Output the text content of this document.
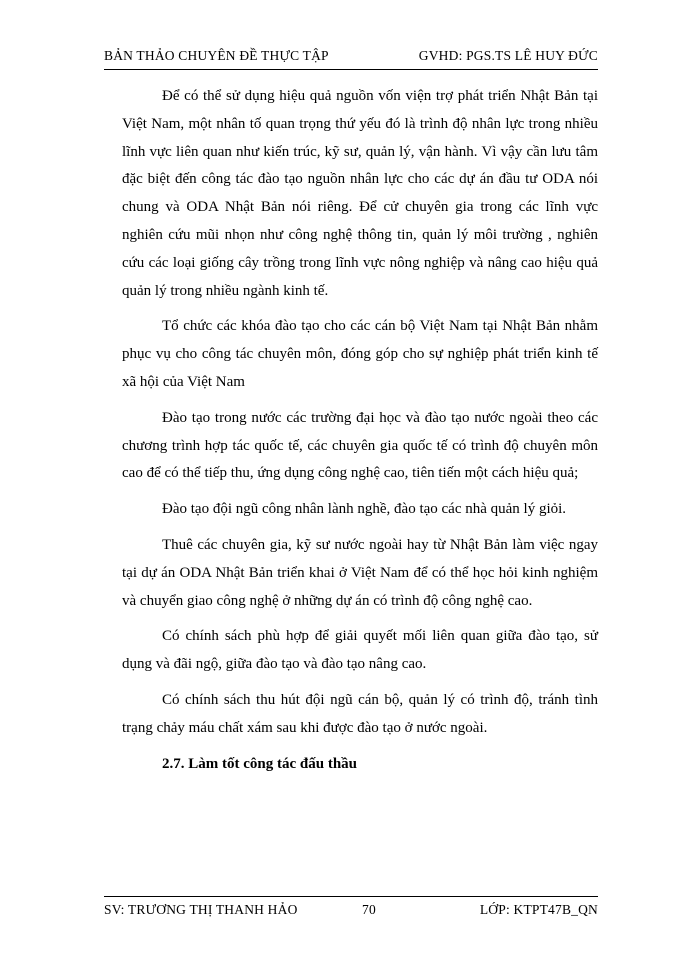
BẢN THẢO CHUYÊN ĐỀ THỰC TẬP	GVHD: PGS.TS LÊ HUY ĐỨC

Để có thể sử dụng hiệu quả nguồn vốn viện trợ phát triển Nhật Bản tại Việt Nam, một nhân tố quan trọng thứ yếu đó là trình độ nhân lực trong nhiều lĩnh vực liên quan như kiến trúc, kỹ sư, quản lý, vận hành. Vì vậy cần lưu tâm đặc biệt đến công tác đào tạo nguồn nhân lực cho các dự án đầu tư ODA nói chung và ODA Nhật Bản nói riêng. Để cử chuyên gia trong các lĩnh vực nghiên cứu mũi nhọn như công nghệ thông tin, quản lý môi trường , nghiên cứu các loại giống cây trồng trong lĩnh vực nông nghiệp và nâng cao hiệu quả quản lý trong nhiều ngành kinh tế.

Tổ chức các khóa đào tạo cho các cán bộ Việt Nam tại Nhật Bản nhằm phục vụ cho công tác chuyên môn, đóng góp cho sự nghiệp phát triển kinh tế xã hội của Việt Nam

Đào tạo trong nước các trường đại học và đào tạo nước ngoài theo các chương trình hợp tác quốc tế, các chuyên gia quốc tế có trình độ chuyên môn cao để có thể tiếp thu, ứng dụng công nghệ cao, tiên tiến một cách hiệu quả;

Đào tạo đội ngũ công nhân lành nghề, đào tạo các nhà quản lý giỏi.

Thuê các chuyên gia, kỹ sư nước ngoài hay từ Nhật Bản làm việc ngay tại dự án ODA Nhật Bản triển khai ở Việt Nam để có thể học hỏi kinh nghiệm và chuyển giao công nghệ ở những dự án có trình độ công nghệ cao.

Có chính sách phù hợp để giải quyết mối liên quan giữa đào tạo, sử dụng và đãi ngộ, giữa đào tạo và đào tạo nâng cao.

Có chính sách thu hút đội ngũ cán bộ, quản lý có trình độ, tránh tình trạng chảy máu chất xám sau khi được đào tạo ở nước ngoài.

2.7. Làm tốt công tác đấu thầu

SV: TRƯƠNG THỊ THANH HẢO	70	LỚP: KTPT47B_QN
